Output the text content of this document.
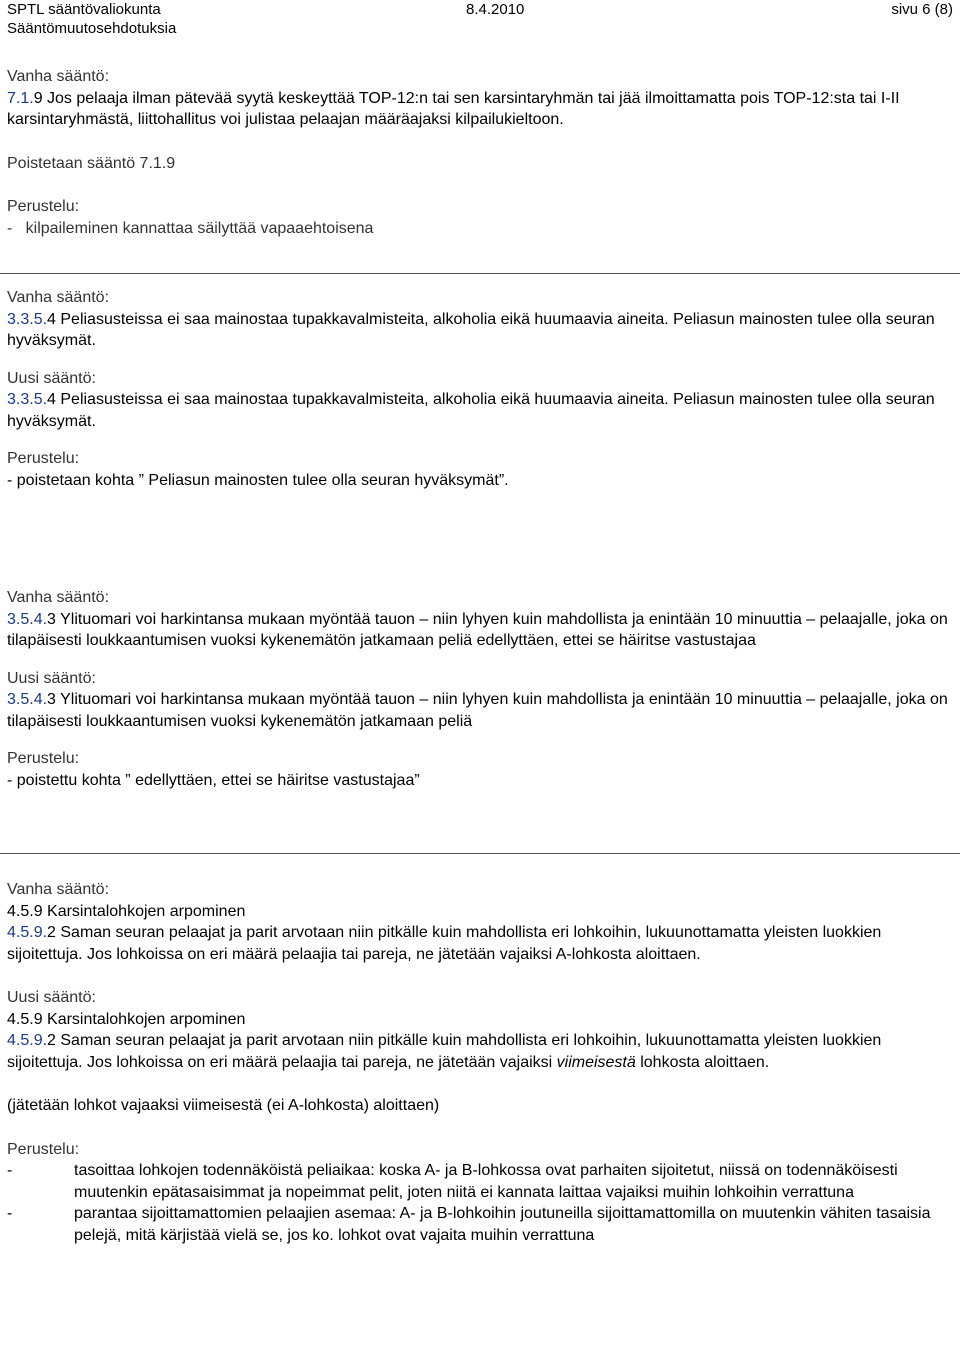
SPTL sääntövaliokunta	8.4.2010	sivu 6 (8)
Sääntömuutosehdotuksia

Vanha sääntö:

7.1.9 Jos pelaaja ilman pätevää syytä keskeyttää TOP-12:n tai sen karsintaryhmän tai jää ilmoittamatta pois TOP-12:sta tai I-II karsintaryhmästä, liittohallitus voi julistaa pelaajan määräajaksi kilpailukieltoon.

Poistetaan sääntö 7.1.9

Perustelu:

-   kilpaileminen kannattaa säilyttää vapaaehtoisena

Vanha sääntö:

3.3.5.4 Peliasusteissa ei saa mainostaa tupakkavalmisteita, alkoholia eikä huumaavia aineita. Peliasun mainosten tulee olla seuran hyväksymät.

Uusi sääntö:

3.3.5.4 Peliasusteissa ei saa mainostaa tupakkavalmisteita, alkoholia eikä huumaavia aineita. Peliasun mainosten tulee olla seuran hyväksymät.

Perustelu:

- poistetaan kohta ” Peliasun mainosten tulee olla seuran hyväksymät”.

Vanha sääntö:

3.5.4.3 Ylituomari voi harkintansa mukaan myöntää tauon – niin lyhyen kuin mahdollista ja enintään 10 minuuttia – pelaajalle, joka on tilapäisesti loukkaantumisen vuoksi kykenemätön jatkamaan peliä edellyttäen, ettei se häiritse vastustajaa

Uusi sääntö:

3.5.4.3 Ylituomari voi harkintansa mukaan myöntää tauon – niin lyhyen kuin mahdollista ja enintään 10 minuuttia – pelaajalle, joka on tilapäisesti loukkaantumisen vuoksi kykenemätön jatkamaan peliä

Perustelu:

- poistettu kohta ” edellyttäen, ettei se häiritse vastustajaa”

Vanha sääntö:

4.5.9 Karsintalohkojen arpominen

4.5.9.2 Saman seuran pelaajat ja parit arvotaan niin pitkälle kuin mahdollista eri lohkoihin, lukuunottamatta yleisten luokkien sijoitettuja. Jos lohkoissa on eri määrä pelaajia tai pareja, ne jätetään vajaiksi A-lohkosta aloittaen.

Uusi sääntö:

4.5.9 Karsintalohkojen arpominen

4.5.9.2 Saman seuran pelaajat ja parit arvotaan niin pitkälle kuin mahdollista eri lohkoihin, lukuunottamatta yleisten luokkien sijoitettuja. Jos lohkoissa on eri määrä pelaajia tai pareja, ne jätetään vajaiksi viimeisestä lohkosta aloittaen.

(jätetään lohkot vajaaksi viimeisestä (ei A-lohkosta) aloittaen)

Perustelu:

-	tasoittaa lohkojen todennäköistä peliaikaa: koska A- ja B-lohkossa ovat parhaiten sijoitetut, niissä on todennäköisesti muutenkin epätasaisimmat ja nopeimmat pelit, joten niitä ei kannata laittaa vajaiksi muihin lohkoihin verrattuna
-	parantaa sijoittamattomien pelaajien asemaa: A- ja B-lohkoihin joutuneilla sijoittamattomilla on muutenkin vähiten tasaisia pelejä, mitä kärjistää vielä se, jos ko. lohkot ovat vajaita muihin verrattuna
